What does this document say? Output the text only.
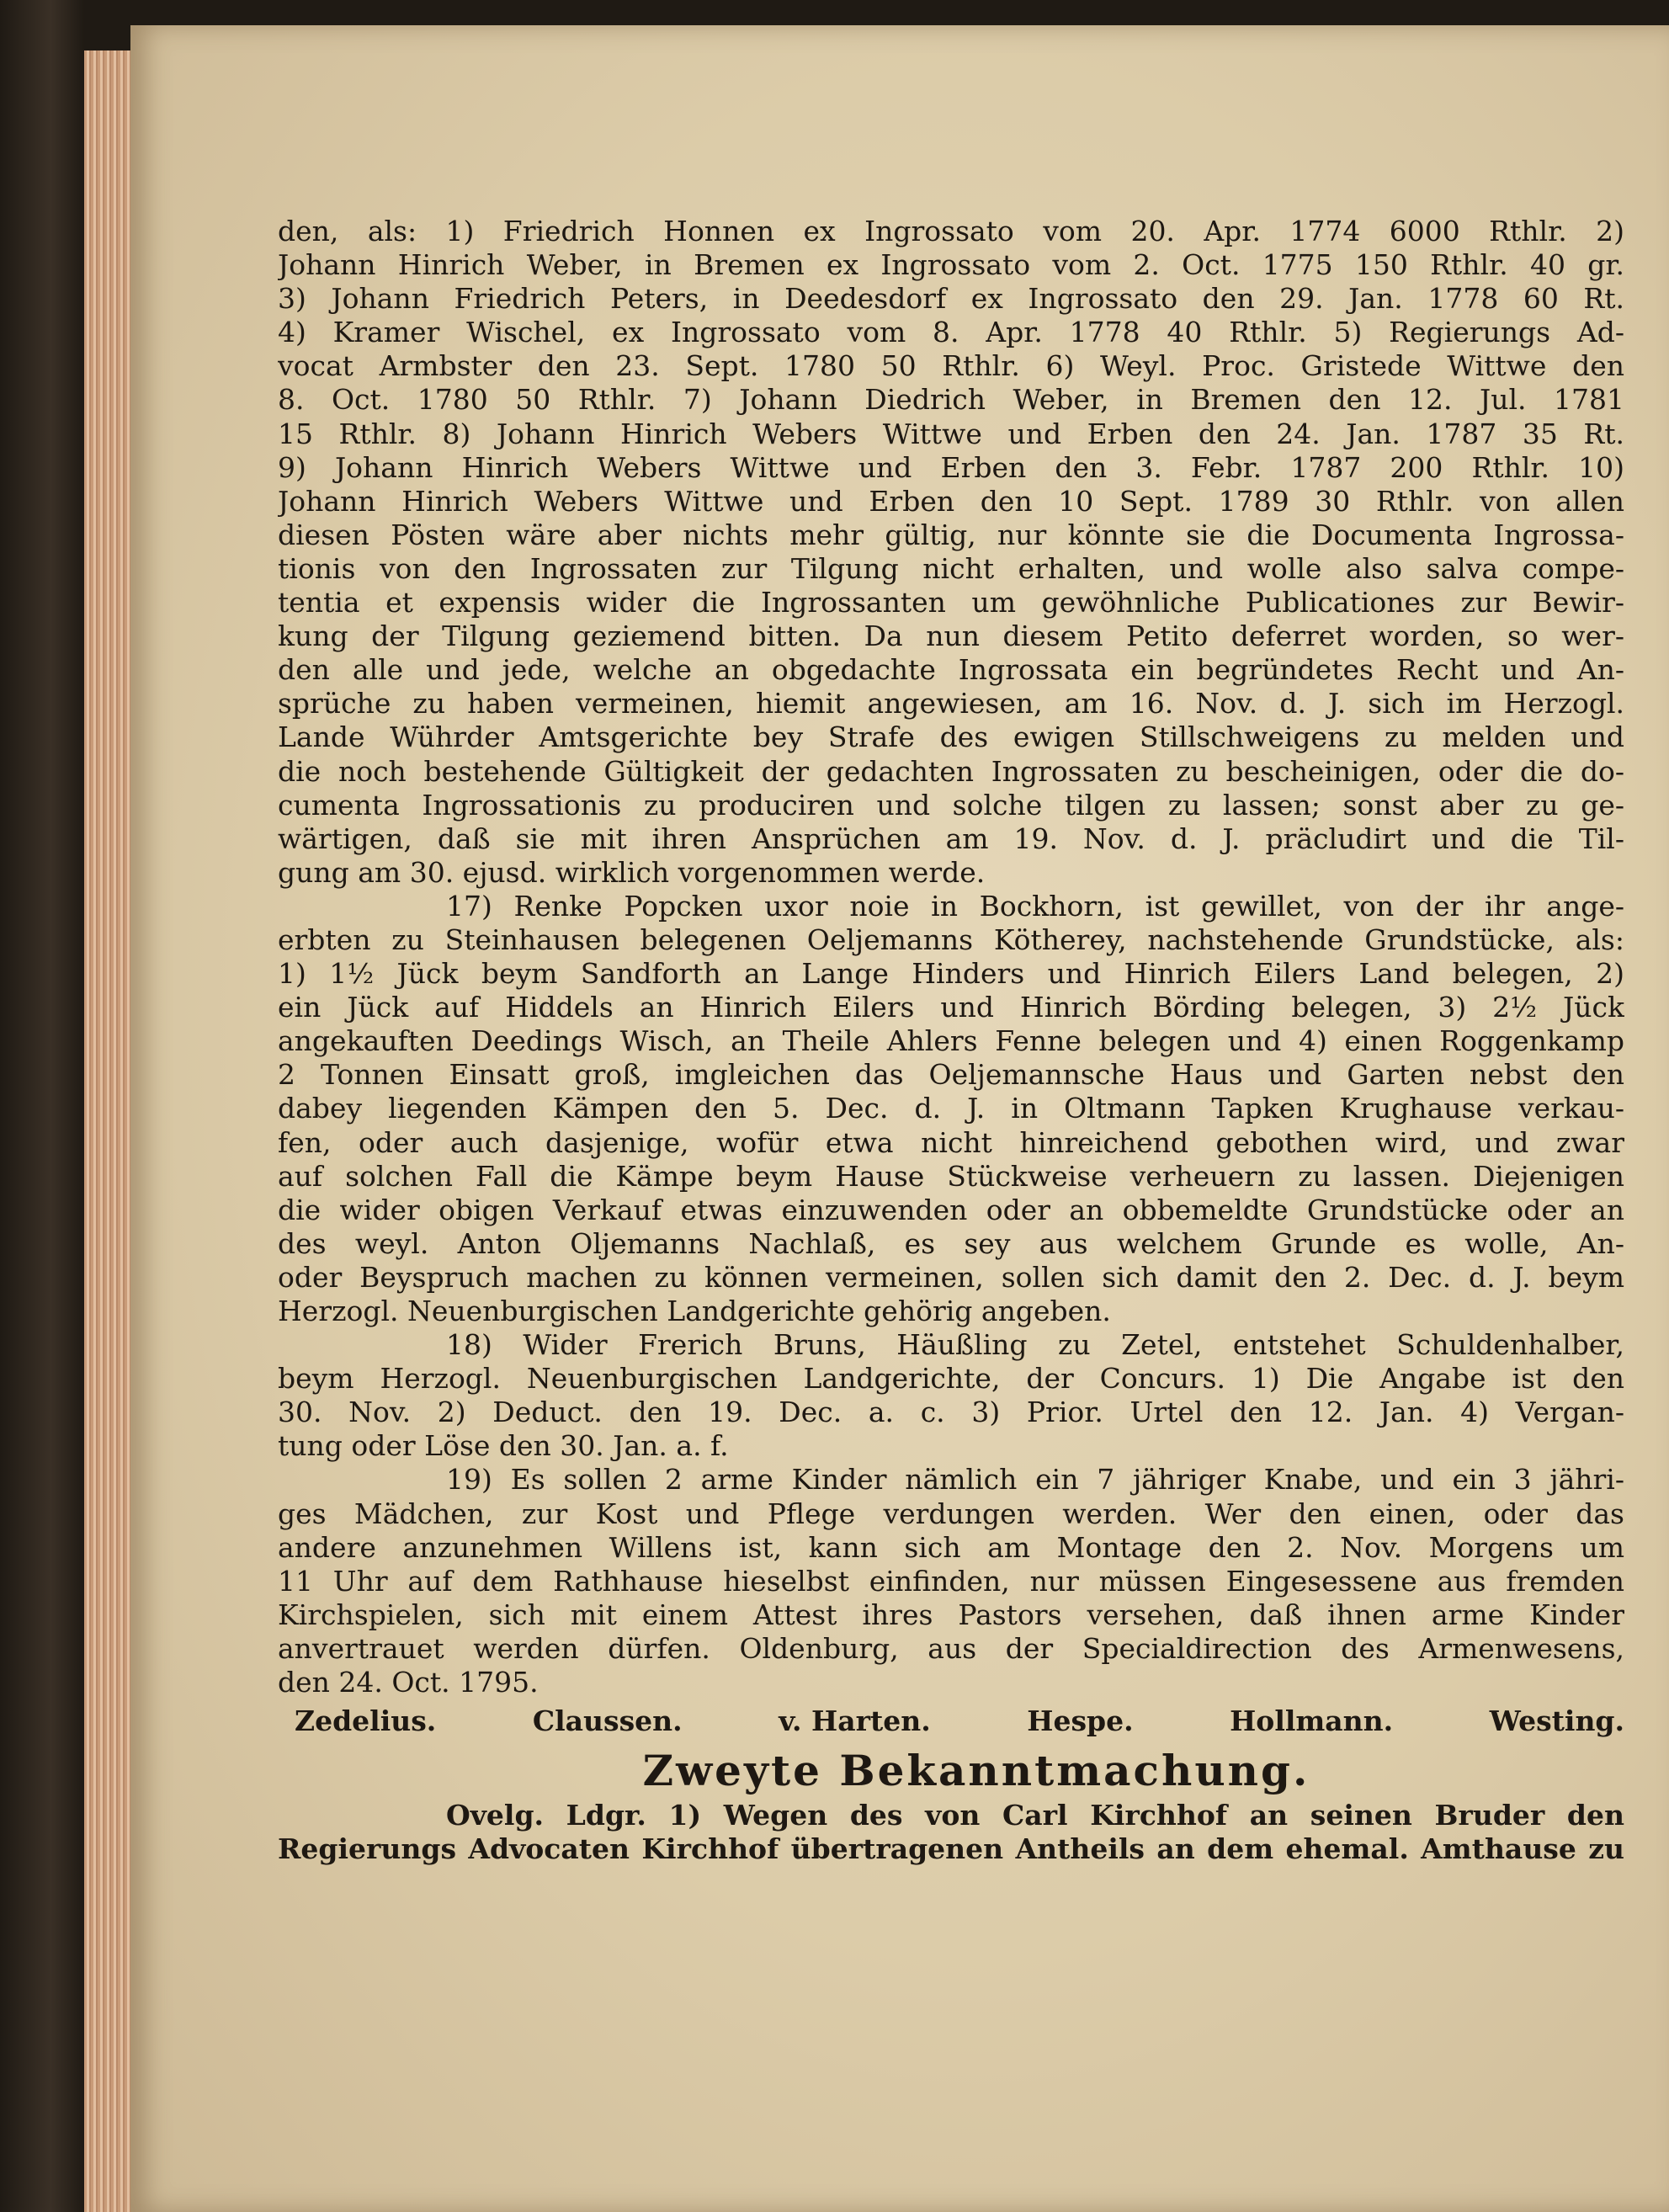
den, als: 1) Friedrich Honnen ex Ingrossato vom 20. Apr. 1774 6000 Rthlr. 2)
Johann Hinrich Weber, in Bremen ex Ingrossato vom 2. Oct. 1775 150 Rthlr. 40 gr.
3) Johann Friedrich Peters, in Deedesdorf ex Ingrossato den 29. Jan. 1778 60 Rt.
4) Kramer Wischel, ex Ingrossato vom 8. Apr. 1778 40 Rthlr. 5) Regierungs Ad-
vocat Armbster den 23. Sept. 1780 50 Rthlr. 6) Weyl. Proc. Gristede Wittwe den
8. Oct. 1780 50 Rthlr. 7) Johann Diedrich Weber, in Bremen den 12. Jul. 1781
15 Rthlr. 8) Johann Hinrich Webers Wittwe und Erben den 24. Jan. 1787 35 Rt.
9) Johann Hinrich Webers Wittwe und Erben den 3. Febr. 1787 200 Rthlr. 10)
Johann Hinrich Webers Wittwe und Erben den 10 Sept. 1789 30 Rthlr. von allen
diesen Pösten wäre aber nichts mehr gültig, nur könnte sie die Documenta Ingrossa-
tionis von den Ingrossaten zur Tilgung nicht erhalten, und wolle also salva compe-
tentia et expensis wider die Ingrossanten um gewöhnliche Publicationes zur Bewir-
kung der Tilgung geziemend bitten. Da nun diesem Petito deferret worden, so wer-
den alle und jede, welche an obgedachte Ingrossata ein begründetes Recht und An-
sprüche zu haben vermeinen, hiemit angewiesen, am 16. Nov. d. J. sich im Herzogl.
Lande Wührder Amtsgerichte bey Strafe des ewigen Stillschweigens zu melden und
die noch bestehende Gültigkeit der gedachten Ingrossaten zu bescheinigen, oder die do-
cumenta Ingrossationis zu produciren und solche tilgen zu lassen; sonst aber zu ge-
wärtigen, daß sie mit ihren Ansprüchen am 19. Nov. d. J. präcludirt und die Til-
gung am 30. ejusd. wirklich vorgenommen werde.
17) Renke Popcken uxor noie in Bockhorn, ist gewillet, von der ihr ange-
erbten zu Steinhausen belegenen Oeljemanns Kötherey, nachstehende Grundstücke, als:
1) 1½ Jück beym Sandforth an Lange Hinders und Hinrich Eilers Land belegen, 2)
ein Jück auf Hiddels an Hinrich Eilers und Hinrich Börding belegen, 3) 2½ Jück
angekauften Deedings Wisch, an Theile Ahlers Fenne belegen und 4) einen Roggenkamp
2 Tonnen Einsatt groß, imgleichen das Oeljemannsche Haus und Garten nebst den
dabey liegenden Kämpen den 5. Dec. d. J. in Oltmann Tapken Krughause verkau-
fen, oder auch dasjenige, wofür etwa nicht hinreichend gebothen wird, und zwar
auf solchen Fall die Kämpe beym Hause Stückweise verheuern zu lassen. Diejenigen
die wider obigen Verkauf etwas einzuwenden oder an obbemeldte Grundstücke oder an
des weyl. Anton Oljemanns Nachlaß, es sey aus welchem Grunde es wolle, An-
oder Beyspruch machen zu können vermeinen, sollen sich damit den 2. Dec. d. J. beym
Herzogl. Neuenburgischen Landgerichte gehörig angeben.
18) Wider Frerich Bruns, Häußling zu Zetel, entstehet Schuldenhalber,
beym Herzogl. Neuenburgischen Landgerichte, der Concurs. 1) Die Angabe ist den
30. Nov. 2) Deduct. den 19. Dec. a. c. 3) Prior. Urtel den 12. Jan. 4) Vergan-
tung oder Löse den 30. Jan. a. f.
19) Es sollen 2 arme Kinder nämlich ein 7 jähriger Knabe, und ein 3 jähri-
ges Mädchen, zur Kost und Pflege verdungen werden. Wer den einen, oder das
andere anzunehmen Willens ist, kann sich am Montage den 2. Nov. Morgens um
11 Uhr auf dem Rathhause hieselbst einfinden, nur müssen Eingesessene aus fremden
Kirchspielen, sich mit einem Attest ihres Pastors versehen, daß ihnen arme Kinder
anvertrauet werden dürfen. Oldenburg, aus der Specialdirection des Armenwesens,
den 24. Oct. 1795.
Zedelius.	Claussen.	v. Harten.	Hespe.	Hollmann.	Westing.
Zweyte Bekanntmachung.
Ovelg. Ldgr. 1) Wegen des von Carl Kirchhof an seinen Bruder den
Regierungs Advocaten Kirchhof übertragenen Antheils an dem ehemal. Amthause zu
